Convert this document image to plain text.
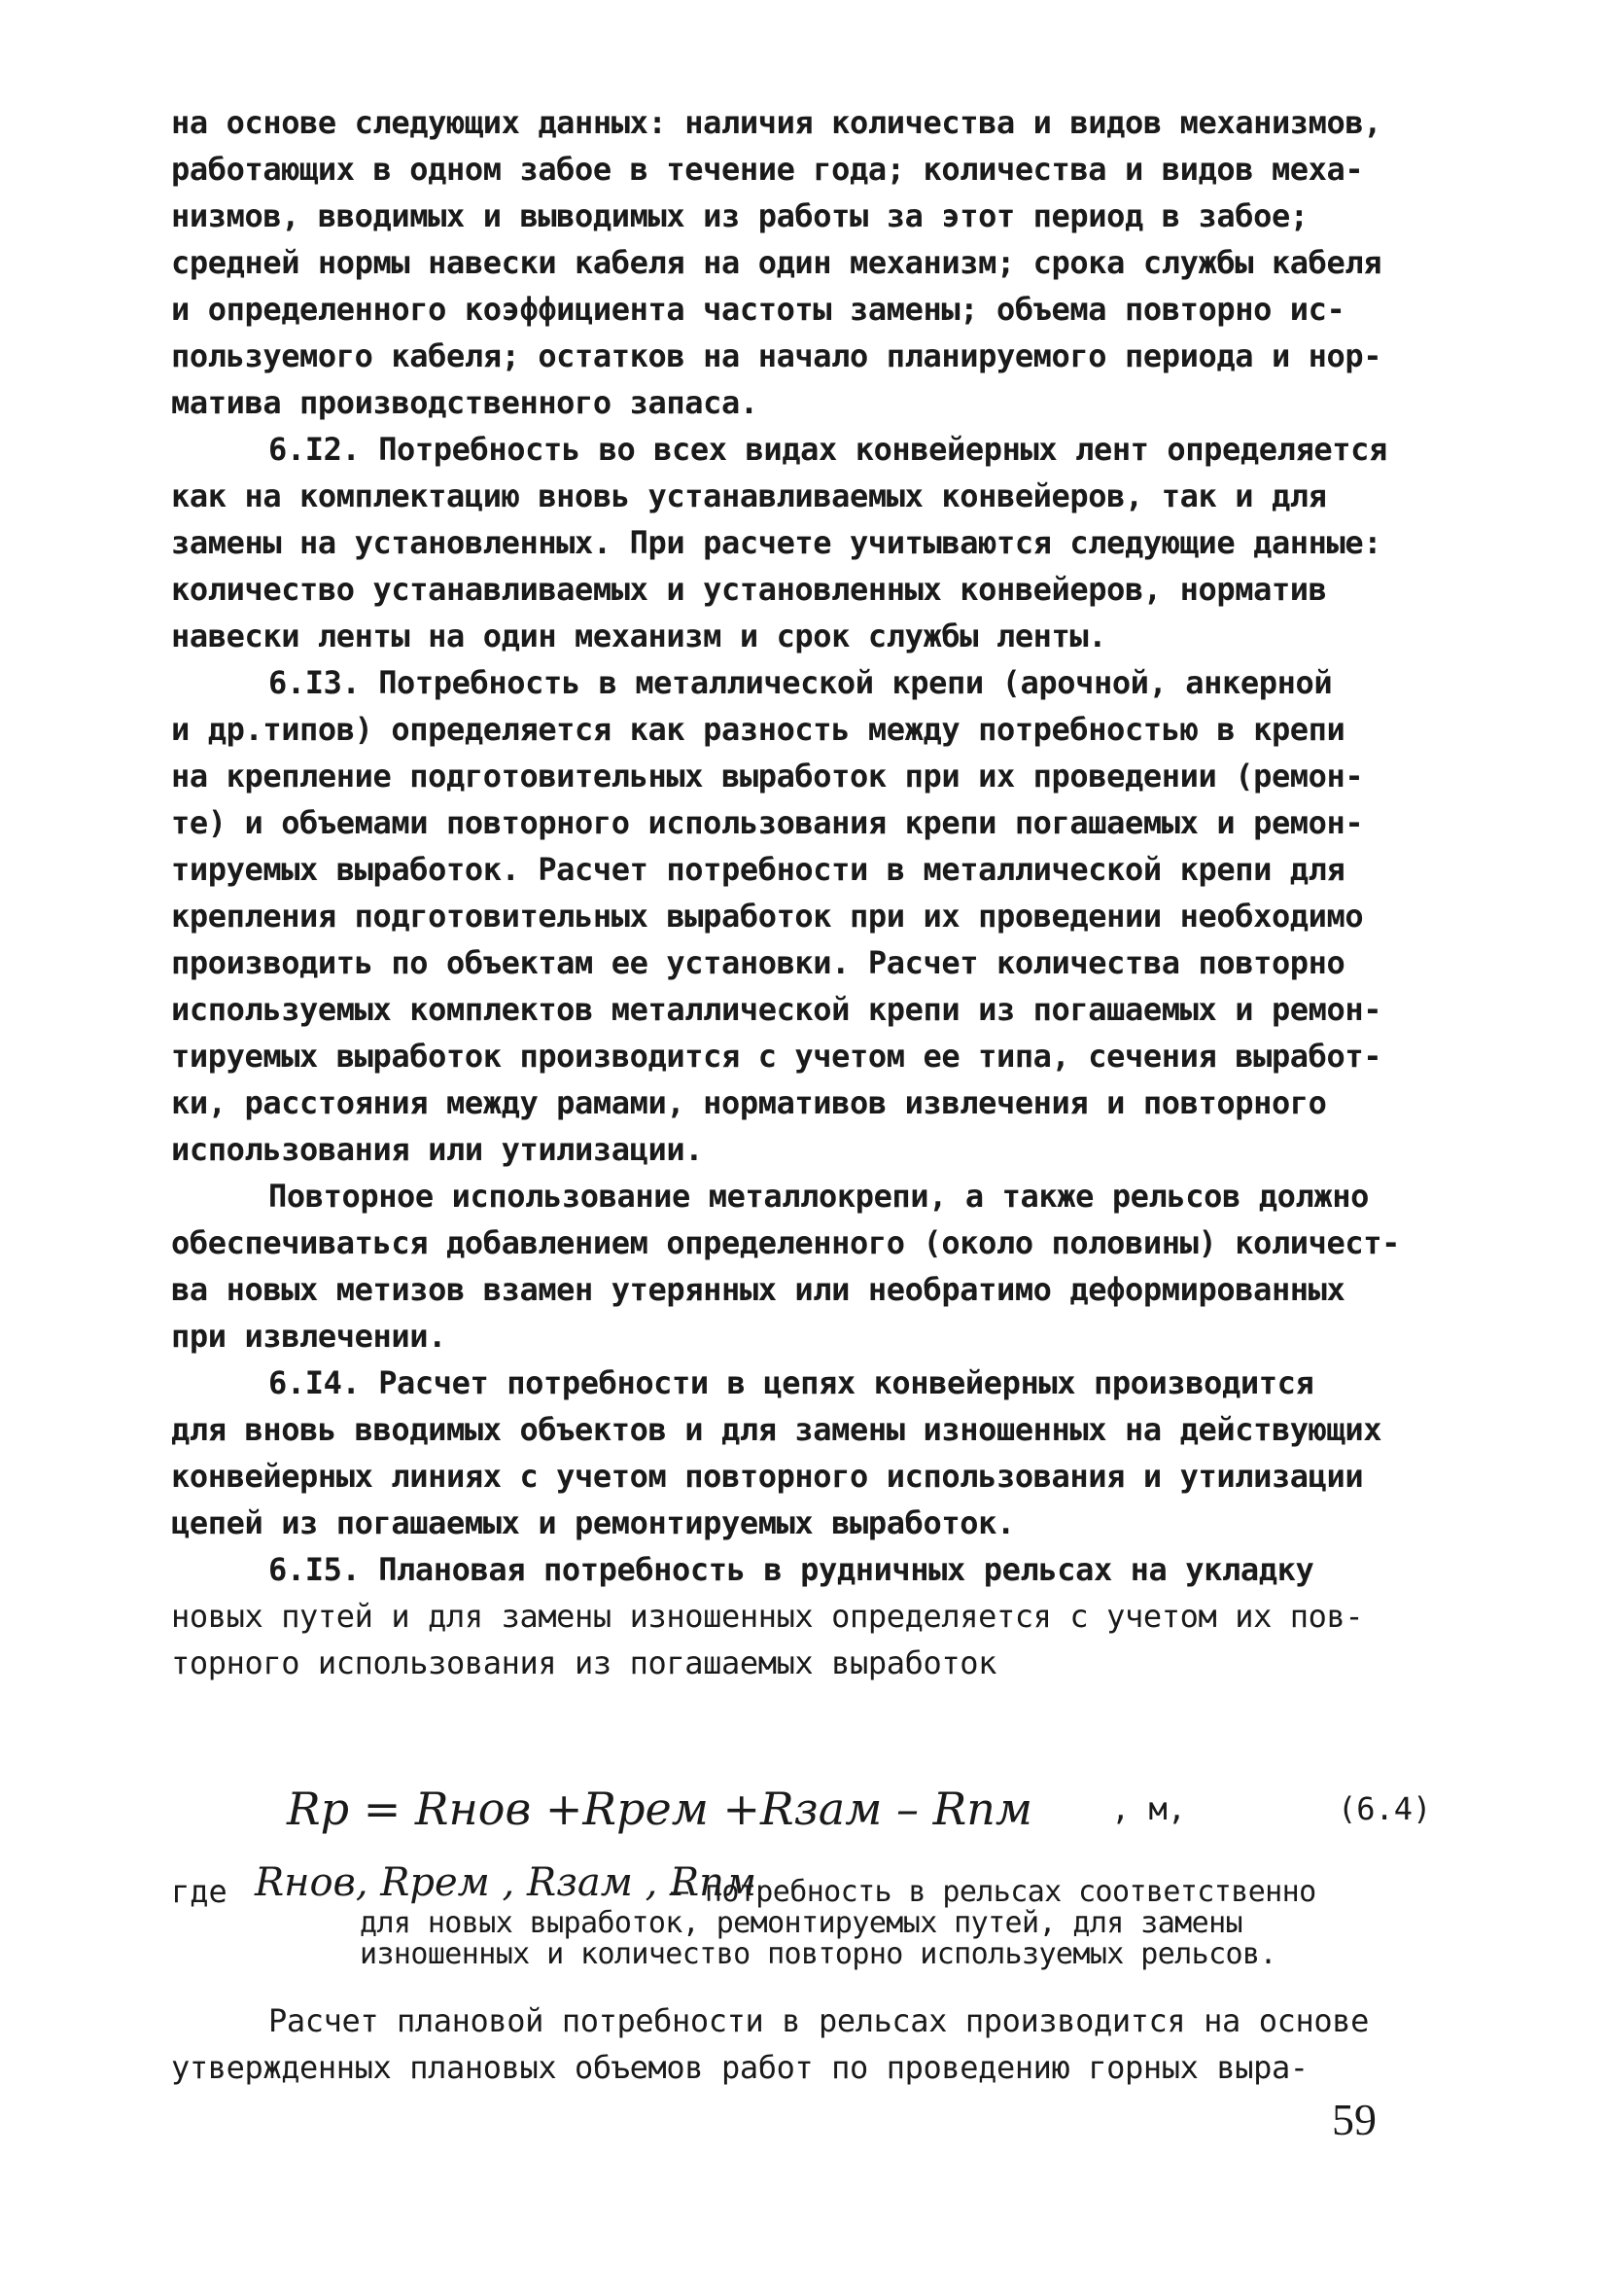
на основе следующих данных: наличия количества и видов механизмов,
работающих в одном забое в течение года; количества и видов меха-
низмов, вводимых и выводимых из работы за этот период в забое;
средней нормы навески кабеля на один механизм; срока службы кабеля
и определенного коэффициента частоты замены; объема повторно ис-
пользуемого кабеля; остатков на начало планируемого периода и нор-
матива производственного запаса.
6.I2. Потребность во всех видах конвейерных лент определяется
как на комплектацию вновь устанавливаемых конвейеров, так и для
замены на установленных. При расчете учитываются следующие данные:
количество устанавливаемых и установленных конвейеров, норматив
навески ленты на один механизм и срок службы ленты.
6.I3. Потребность в металлической крепи (арочной, анкерной
и др.типов) определяется как разность между потребностью в крепи
на крепление подготовительных выработок при их проведении (ремон-
те) и объемами повторного использования крепи погашаемых и ремон-
тируемых выработок. Расчет потребности в металлической крепи для
крепления подготовительных выработок при их проведении необходимо
производить по объектам ее установки. Расчет количества повторно
используемых комплектов металлической крепи из погашаемых и ремон-
тируемых выработок производится с учетом ее типа, сечения выработ-
ки, расстояния между рамами, нормативов извлечения и повторного
использования или утилизации.
Повторное использование металлокрепи, а также рельсов должно
обеспечиваться добавлением определенного (около половины) количест-
ва новых метизов взамен утерянных или необратимо деформированных
при извлечении.
6.I4. Расчет потребности в цепях конвейерных производится
для вновь вводимых объектов и для замены изношенных на действующих
конвейерных линиях с учетом повторного использования и утилизации
цепей из погашаемых и ремонтируемых выработок.
6.I5. Плановая потребность в рудничных рельсах на укладку
новых путей и для замены изношенных определяется с учетом их пов-
торного использования из погашаемых выработок
Rр = Rнов +Rрем +Rзам – Rпм	, м,	(6.4)
где Rнов, Rрем , Rзам , Rпм
– потребность в рельсах соответственно
для новых выработок, ремонтируемых путей, для замены
изношенных и количество повторно используемых рельсов.
Расчет плановой потребности в рельсах производится на основе
утвержденных плановых объемов работ по проведению горных выра-
59
